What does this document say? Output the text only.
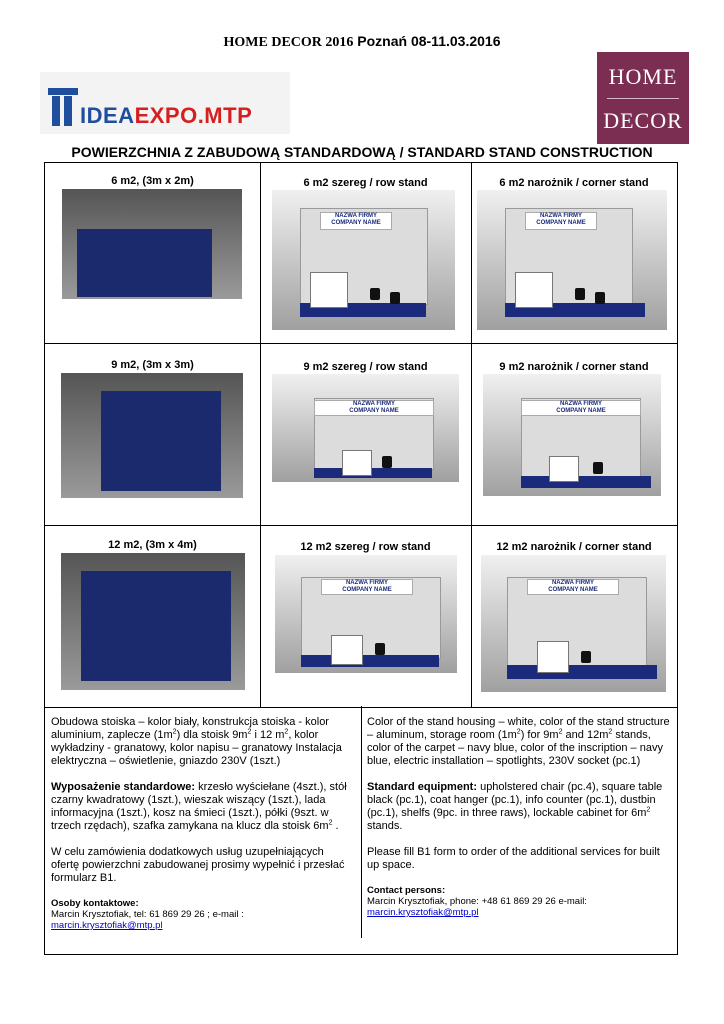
HOME DECOR 2016 Poznań 08-11.03.2016
IDEAEXPO.MTP
HOME
DECOR
POWIERZCHNIA Z ZABUDOWĄ STANDARDOWĄ / STANDARD STAND CONSTRUCTION
6 m2, (3m x 2m)	6 m2 szereg / row stand
NAZWA FIRMY
COMPANY NAME
6 m2 narożnik / corner stand
NAZWA FIRMY
COMPANY NAME
9 m2, (3m x 3m)	9 m2 szereg / row stand
NAZWA FIRMY
COMPANY NAME
9 m2 narożnik / corner stand
NAZWA FIRMY
COMPANY NAME
12 m2, (3m x 4m)	12 m2 szereg / row stand
NAZWA FIRMY
COMPANY NAME
12 m2 narożnik / corner stand
NAZWA FIRMY
COMPANY NAME

Obudowa stoiska – kolor biały, konstrukcja stoiska - kolor aluminium, zaplecze $(1m^2)$ dla stoisk $9m^2$ i 12 $m^2$, kolor wykładziny - granatowy, kolor napisu – granatowy Instalacja elektryczna – oświetlenie, gniazdo 230V (1szt.)

Wyposażenie standardowe: krzesło wyściełane (4szt.), stół czarny kwadratowy (1szt.), wieszak wiszący (1szt.), lada informacyjna (1szt.), kosz na śmieci (1szt.), półki (9szt. w trzech rzędach), szafka zamykana na klucz dla stoisk $6m^2$ .

W celu zamówienia dodatkowych usług uzupełniających ofertę powierzchni zabudowanej prosimy wypełnić i przesłać formularz B1.

Osoby kontaktowe:

Marcin Krysztofiak, tel: 61 869 29 26 ; e-mail :

marcin.krysztofiak@mtp.pl

Color of the stand housing – white, color of the stand structure – aluminum, storage room $(1m^2)$ for $9m^2$ and $12m^2$ stands, color of the carpet – navy blue, color of the inscription – navy blue, electric installation – spotlights, 230V socket (pc.1)

Standard equipment: upholstered chair (pc.4), square table black (pc.1), coat hanger (pc.1), info counter (pc.1), dustbin (pc.1), shelfs (9pc. in three raws), lockable cabinet for $6m^2$ stands.

Please fill B1 form to order of the additional services for built up space.

Contact persons:

Marcin Krysztofiak, phone: +48 61 869 29 26 e-mail:

marcin.krysztofiak@mtp.pl
